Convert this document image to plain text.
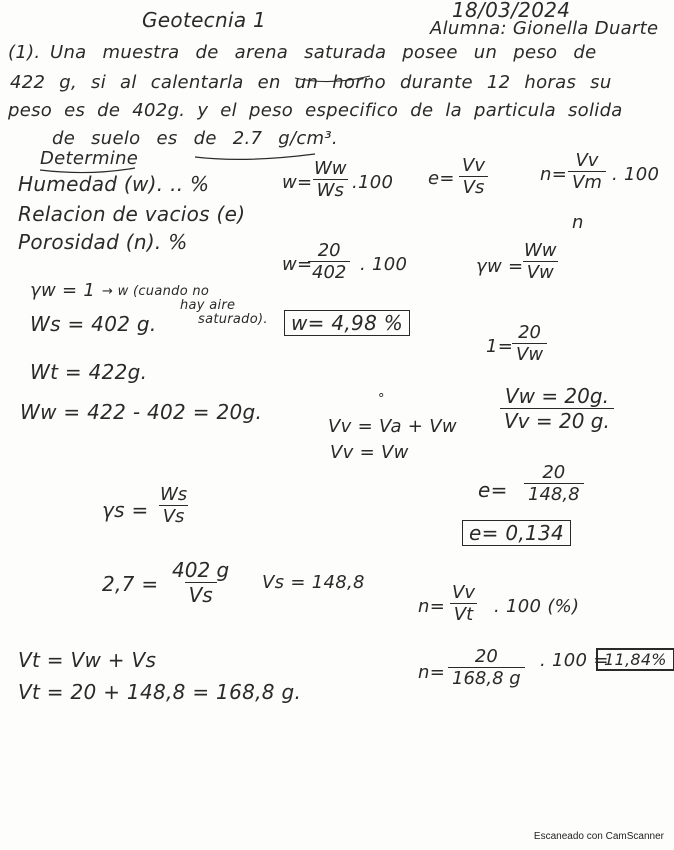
Geotecnia 1	18/03/2024
Alumna: Gionella Duarte
(1). Una muestra de arena saturada posee un peso de
422 g, si al calentarla en un horno durante 12 horas su
peso es de 402g. y el peso especifico de la particula solida
de suelo es de 2.7 g/cm³.
Determine
Humedad (w). .. %
Relacion de vacios (e)
Porosidad (n). %
w=
$\frac{Ww}{Ws} .100$ $e= \frac{Vv}{Vs}$	$n= \frac{Vv}{Vm}$ . 100
n
γw = 1 → w (cuando no
hay aire
saturado).
Ws = 402 g.
Wt = 422g.
Ww = 422 - 402 = 20g.
w=
$\frac{20}{402}$ . 100
w= 4,98 %
γw =
$\frac{Ww}{Vw}$
1=
$\frac{20}{Vw}$
$\frac{Vw = 20g.}{Vv = 20 g.}$
°
Vv = Va + Vw
Vv = Vw
$\gamma s = \frac{Ws}{Vs}$
$2,7 = \frac{402 g}{Vs}$ Vs = 148,8
$e= \frac{20}{148,8}$
e= 0,134
Vt = Vw + Vs
Vt = 20 + 148,8 = 168,8 g.
$n= \frac{Vv}{Vt}$ . 100 (%)
$n= \frac{20}{168,8 g}$ . 100 =
11,84%
Escaneado con CamScanner
